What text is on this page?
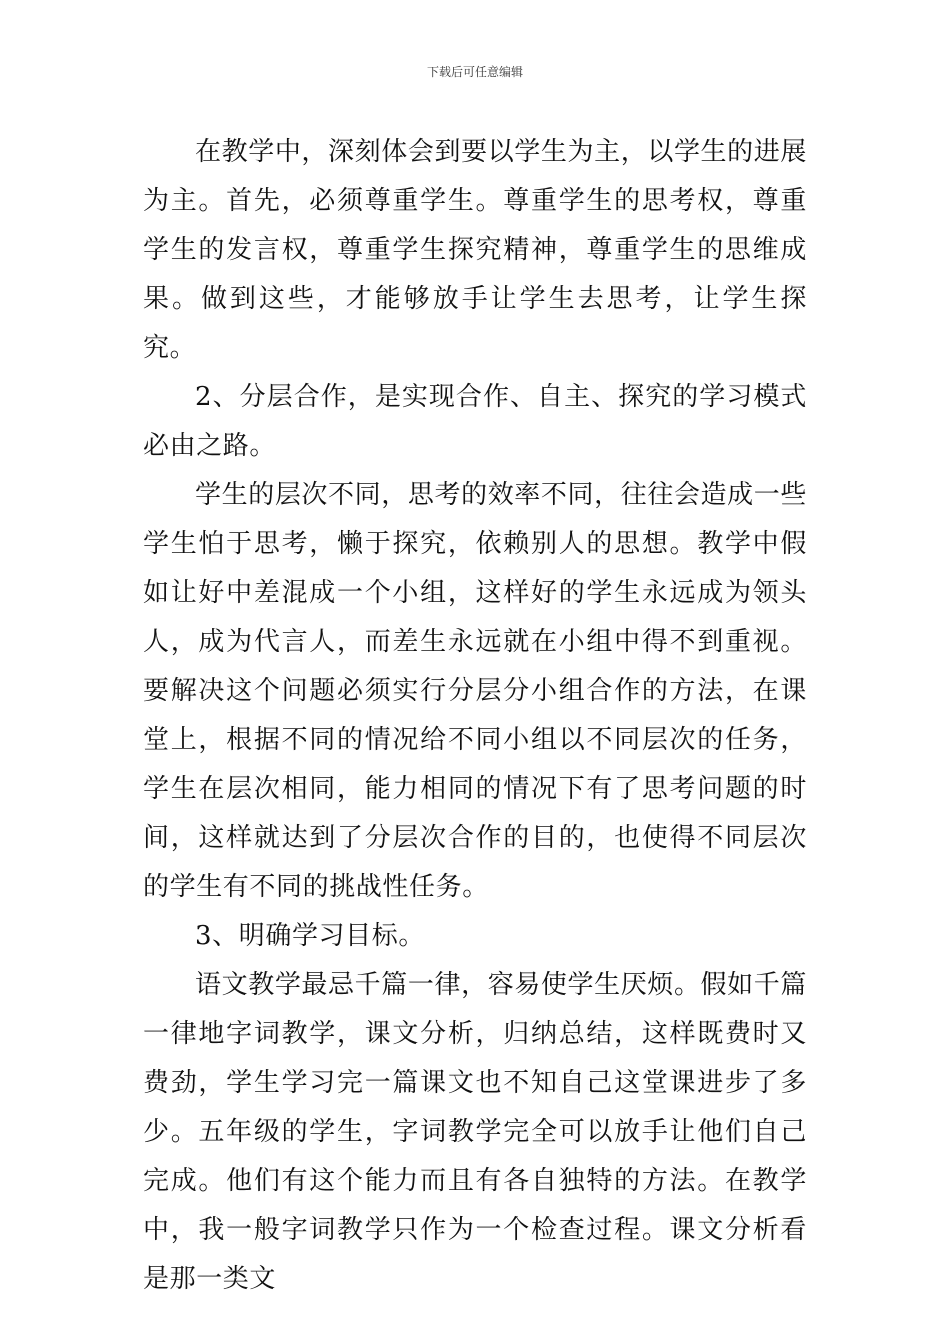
下载后可任意编辑

在教学中，深刻体会到要以学生为主，以学生的进展为主。首先，必须尊重学生。尊重学生的思考权，尊重学生的发言权，尊重学生探究精神，尊重学生的思维成果。做到这些，才能够放手让学生去思考，让学生探究。

2、分层合作，是实现合作、自主、探究的学习模式必由之路。

学生的层次不同，思考的效率不同，往往会造成一些学生怕于思考，懒于探究，依赖别人的思想。教学中假如让好中差混成一个小组，这样好的学生永远成为领头人，成为代言人，而差生永远就在小组中得不到重视。要解决这个问题必须实行分层分小组合作的方法，在课堂上，根据不同的情况给不同小组以不同层次的任务，学生在层次相同，能力相同的情况下有了思考问题的时间，这样就达到了分层次合作的目的，也使得不同层次的学生有不同的挑战性任务。

3、明确学习目标。

语文教学最忌千篇一律，容易使学生厌烦。假如千篇一律地字词教学，课文分析，归纳总结，这样既费时又费劲，学生学习完一篇课文也不知自己这堂课进步了多少。五年级的学生，字词教学完全可以放手让他们自己完成。他们有这个能力而且有各自独特的方法。在教学中，我一般字词教学只作为一个检查过程。课文分析看是那一类文
